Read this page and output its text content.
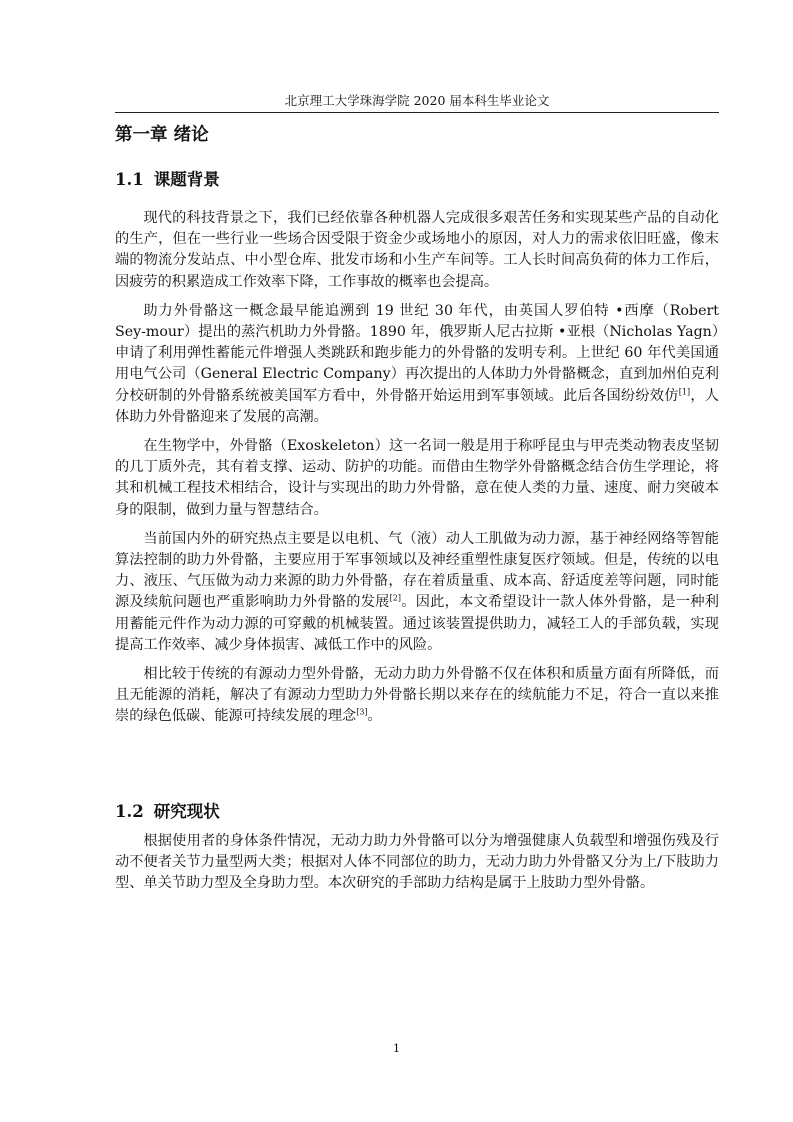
北京理工大学珠海学院 2020 届本科生毕业论文
第一章 绪论
1.1 课题背景

现代的科技背景之下，我们已经依靠各种机器人完成很多艰苦任务和实现某些产品的自动化的生产，但在一些行业一些场合因受限于资金少或场地小的原因，对人力的需求依旧旺盛，像末端的物流分发站点、中小型仓库、批发市场和小生产车间等。工人长时间高负荷的体力工作后，因疲劳的积累造成工作效率下降，工作事故的概率也会提高。

助力外骨骼这一概念最早能追溯到 19 世纪 30 年代，由英国人罗伯特 •西摩（Robert Sey-mour）提出的蒸汽机助力外骨骼。1890 年，俄罗斯人尼古拉斯 •亚根（Nicholas Yagn）申请了利用弹性蓄能元件增强人类跳跃和跑步能力的外骨骼的发明专利。上世纪 60 年代美国通用电气公司（General Electric Company）再次提出的人体助力外骨骼概念，直到加州伯克利分校研制的外骨骼系统被美国军方看中，外骨骼开始运用到军事领域。此后各国纷纷效仿[1]，人体助力外骨骼迎来了发展的高潮。

在生物学中，外骨骼（Exoskeleton）这一名词一般是用于称呼昆虫与甲壳类动物表皮坚韧的几丁质外壳，其有着支撑、运动、防护的功能。而借由生物学外骨骼概念结合仿生学理论，将其和机械工程技术相结合，设计与实现出的助力外骨骼，意在使人类的力量、速度、耐力突破本身的限制，做到力量与智慧结合。

当前国内外的研究热点主要是以电机、气（液）动人工肌做为动力源，基于神经网络等智能算法控制的助力外骨骼，主要应用于军事领域以及神经重塑性康复医疗领域。但是，传统的以电力、液压、气压做为动力来源的助力外骨骼，存在着质量重、成本高、舒适度差等问题，同时能源及续航问题也严重影响助力外骨骼的发展[2]。因此，本文希望设计一款人体外骨骼，是一种利用蓄能元件作为动力源的可穿戴的机械装置。通过该装置提供助力，减轻工人的手部负载，实现提高工作效率、减少身体损害、减低工作中的风险。

相比较于传统的有源动力型外骨骼，无动力助力外骨骼不仅在体积和质量方面有所降低，而且无能源的消耗，解决了有源动力型助力外骨骼长期以来存在的续航能力不足，符合一直以来推崇的绿色低碳、能源可持续发展的理念[3]。

1.2 研究现状

根据使用者的身体条件情况，无动力助力外骨骼可以分为增强健康人负载型和增强伤残及行动不便者关节力量型两大类；根据对人体不同部位的助力，无动力助力外骨骼又分为上/下肢助力型、单关节助力型及全身助力型。本次研究的手部助力结构是属于上肢助力型外骨骼。

1
